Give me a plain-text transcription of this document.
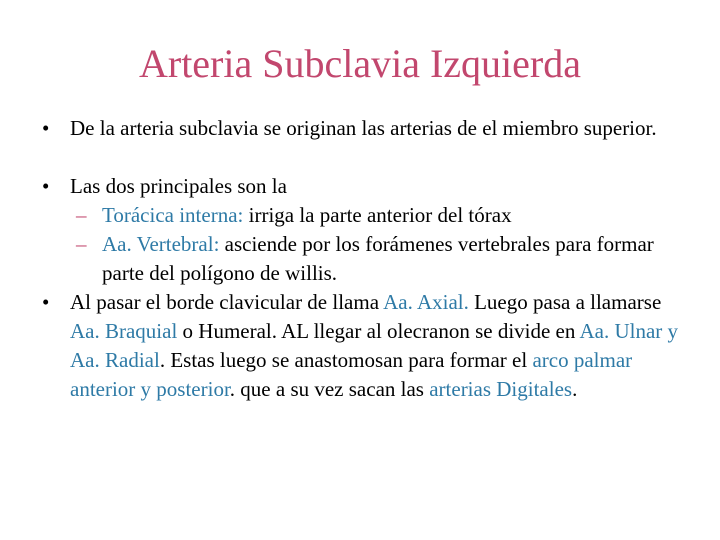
Arteria Subclavia Izquierda
• De la arteria subclavia se originan las arterias de el miembro superior.
• Las dos principales son la
– Torácica interna: irriga la parte anterior del tórax
– Aa. Vertebral: asciende por los forámenes vertebrales para formar parte del polígono de willis.
• Al pasar el borde clavicular de llama Aa. Axial. Luego pasa a llamarse Aa. Braquial o Humeral. AL llegar al olecranon se divide en Aa. Ulnar y Aa. Radial. Estas luego se anastomosan para formar el arco palmar anterior y posterior. que a su vez sacan las arterias Digitales.
